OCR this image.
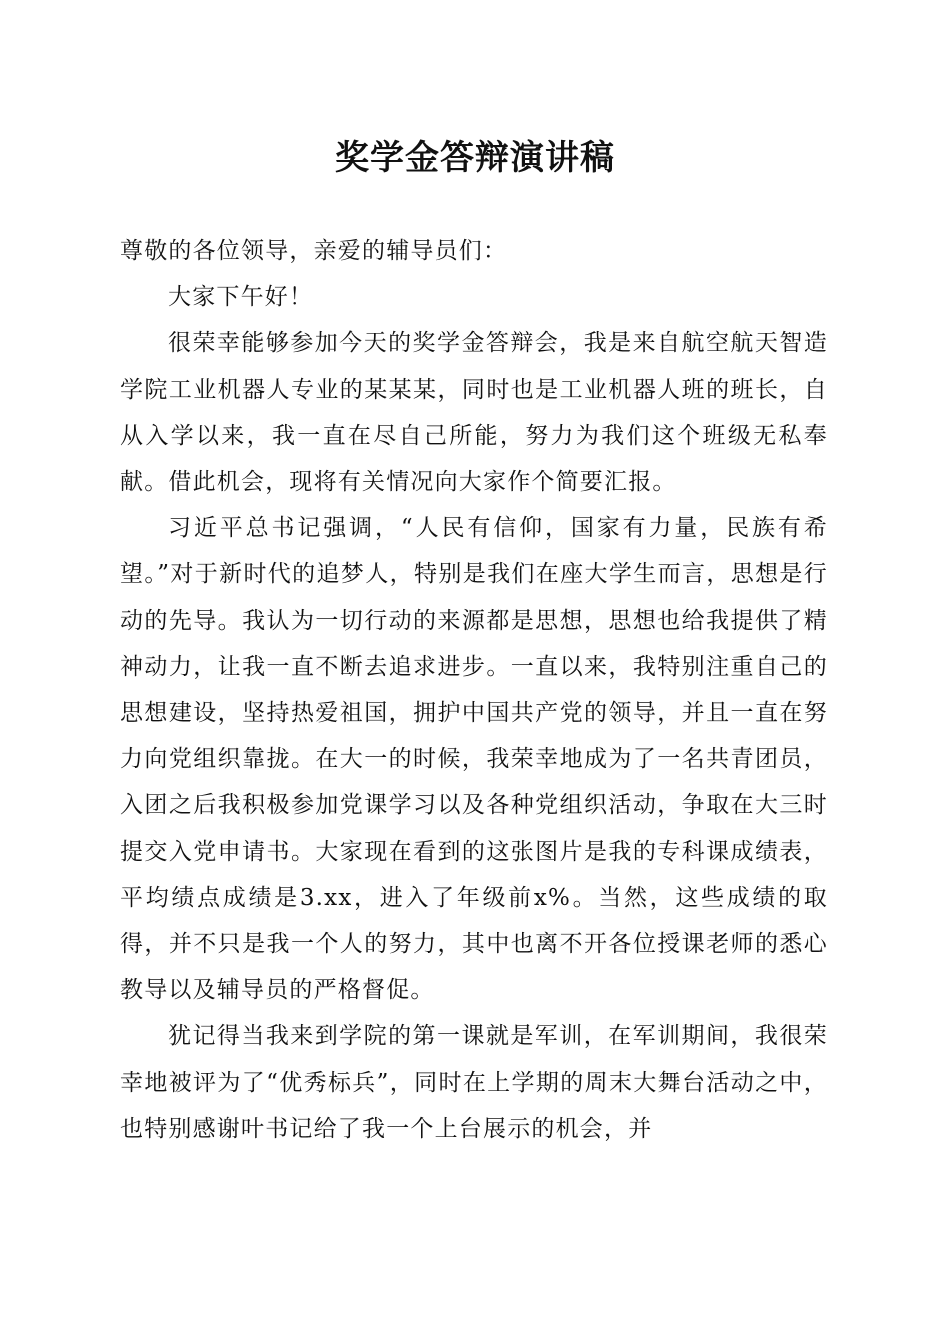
奖学金答辩演讲稿

尊敬的各位领导，亲爱的辅导员们：

大家下午好！

很荣幸能够参加今天的奖学金答辩会，我是来自航空航天智造学院工业机器人专业的某某某，同时也是工业机器人班的班长，自从入学以来，我一直在尽自己所能，努力为我们这个班级无私奉献。借此机会，现将有关情况向大家作个简要汇报。

习近平总书记强调，“人民有信仰，国家有力量，民族有希望。”对于新时代的追梦人，特别是我们在座大学生而言，思想是行动的先导。我认为一切行动的来源都是思想，思想也给我提供了精神动力，让我一直不断去追求进步。一直以来，我特别注重自己的思想建设，坚持热爱祖国，拥护中国共产党的领导，并且一直在努力向党组织靠拢。在大一的时候，我荣幸地成为了一名共青团员，入团之后我积极参加党课学习以及各种党组织活动，争取在大三时提交入党申请书。大家现在看到的这张图片是我的专科课成绩表，平均绩点成绩是3.xx，进入了年级前x%。当然，这些成绩的取得，并不只是我一个人的努力，其中也离不开各位授课老师的悉心教导以及辅导员的严格督促。

犹记得当我来到学院的第一课就是军训，在军训期间，我很荣幸地被评为了“优秀标兵”，同时在上学期的周末大舞台活动之中，也特别感谢叶书记给了我一个上台展示的机会，并
